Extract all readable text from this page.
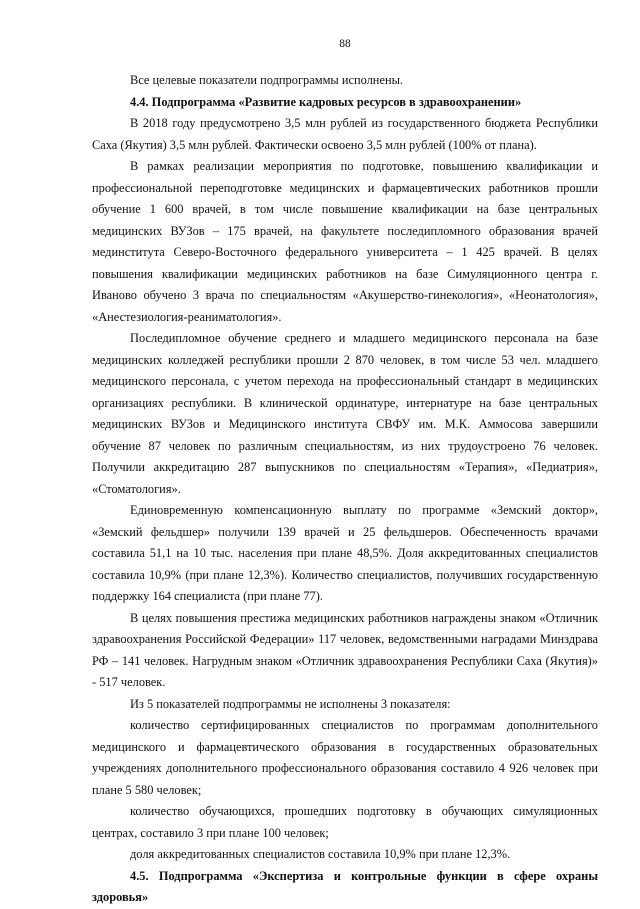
88

Все целевые показатели подпрограммы исполнены.

4.4. Подпрограмма «Развитие кадровых ресурсов в здравоохранении»

В 2018 году предусмотрено 3,5 млн рублей из государственного бюджета Республики Саха (Якутия) 3,5 млн рублей. Фактически освоено 3,5 млн рублей (100% от плана).

В рамках реализации мероприятия по подготовке, повышению квалификации и профессиональной переподготовке медицинских и фармацевтических работников прошли обучение 1 600 врачей, в том числе повышение квалификации на базе центральных медицинских ВУЗов – 175 врачей, на факультете последипломного образования врачей мединститута Северо-Восточного федерального университета – 1 425 врачей. В целях повышения квалификации медицинских работников на базе Симуляционного центра г. Иваново обучено 3 врача по специальностям «Акушерство-гинекология», «Неонатология», «Анестезиология-реаниматология».

Последипломное обучение среднего и младшего медицинского персонала на базе медицинских колледжей республики прошли 2 870 человек, в том числе 53 чел. младшего медицинского персонала, с учетом перехода на профессиональный стандарт в медицинских организациях республики. В клинической ординатуре, интернатуре на базе центральных медицинских ВУЗов и Медицинского института СВФУ им. М.К. Аммосова завершили обучение 87 человек по различным специальностям, из них трудоустроено 76 человек. Получили аккредитацию 287 выпускников по специальностям «Терапия», «Педиатрия», «Стоматология».

Единовременную компенсационную выплату по программе «Земский доктор», «Земский фельдшер» получили 139 врачей и 25 фельдшеров. Обеспеченность врачами составила 51,1 на 10 тыс. населения при плане 48,5%. Доля аккредитованных специалистов составила 10,9% (при плане 12,3%). Количество специалистов, получивших государственную поддержку 164 специалиста (при плане 77).

В целях повышения престижа медицинских работников награждены знаком «Отличник здравоохранения Российской Федерации» 117 человек, ведомственными наградами Минздрава РФ – 141 человек. Нагрудным знаком «Отличник здравоохранения Республики Саха (Якутия)» - 517 человек.

Из 5 показателей подпрограммы не исполнены 3 показателя:

количество сертифицированных специалистов по программам дополнительного медицинского и фармацевтического образования в государственных образовательных учреждениях дополнительного профессионального образования составило 4 926 человек при плане 5 580 человек;

количество обучающихся, прошедших подготовку в обучающих симуляционных центрах, составило 3 при плане 100 человек;

доля аккредитованных специалистов составила 10,9% при плане 12,3%.

4.5. Подпрограмма «Экспертиза и контрольные функции в сфере охраны здоровья»
